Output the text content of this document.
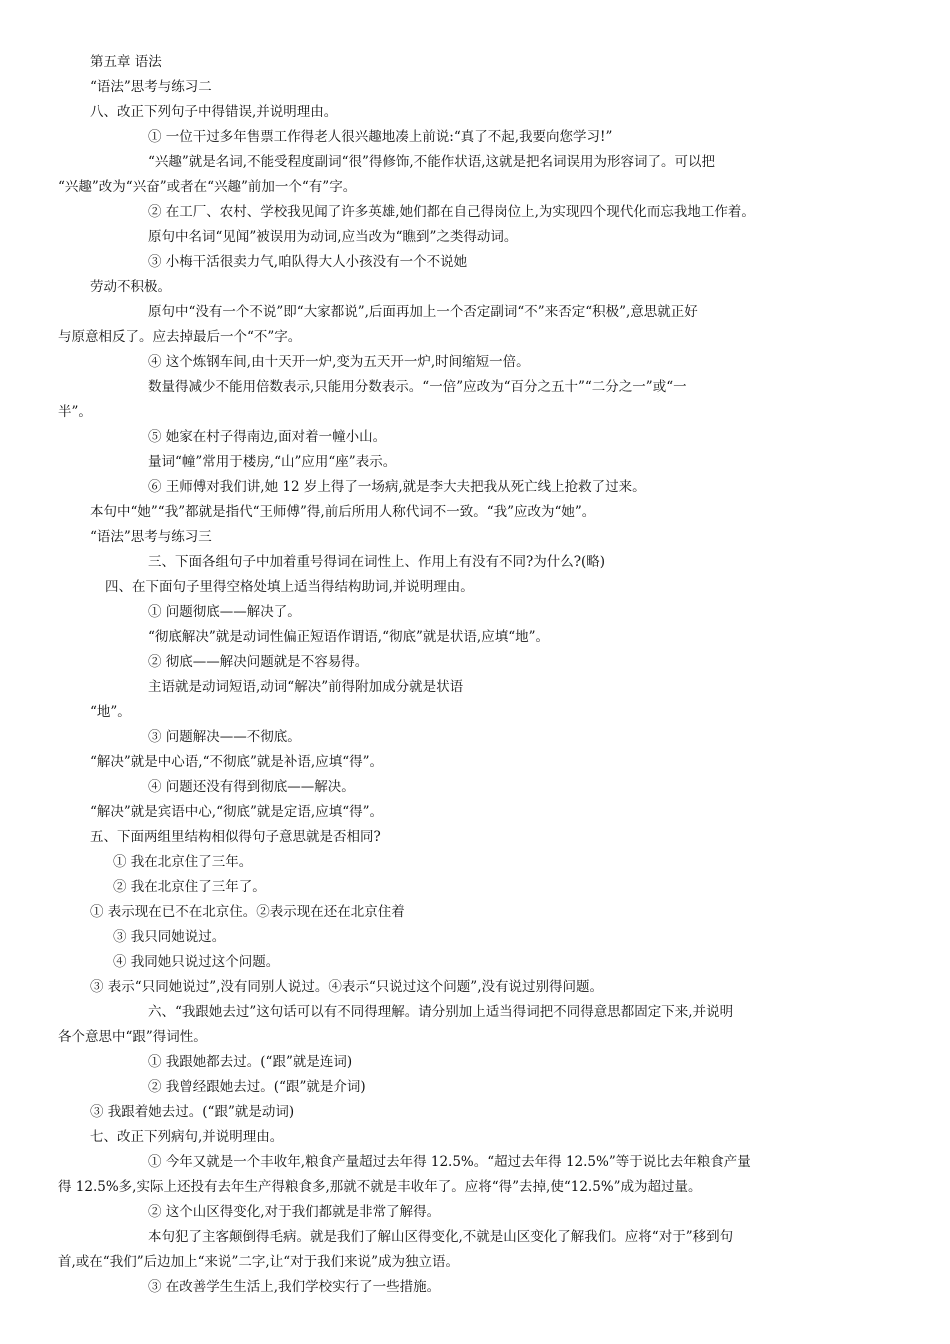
第五章 语法
“语法”思考与练习二
八、改正下列句子中得错误,并说明理由。
① 一位干过多年售票工作得老人很兴趣地凑上前说:“真了不起,我要向您学习!”
“兴趣”就是名词,不能受程度副词“很”得修饰,不能作状语,这就是把名词误用为形容词了。可以把
“兴趣”改为“兴奋”或者在“兴趣”前加一个“有”字。
② 在工厂、农村、学校我见闻了许多英雄,她们都在自己得岗位上,为实现四个现代化而忘我地工作着。
原句中名词“见闻”被误用为动词,应当改为“瞧到”之类得动词。
③ 小梅干活很卖力气,咱队得大人小孩没有一个不说她
劳动不积极。
原句中“没有一个不说”即“大家都说”,后面再加上一个否定副词“不”来否定“积极”,意思就正好
与原意相反了。应去掉最后一个“不”字。
④ 这个炼钢车间,由十天开一炉,变为五天开一炉,时间缩短一倍。
数量得减少不能用倍数表示,只能用分数表示。“一倍”应改为“百分之五十”“二分之一”或“一
半”。
⑤ 她家在村子得南边,面对着一幢小山。
量词“幢”常用于楼房,“山”应用“座”表示。
⑥ 王师傅对我们讲,她 12 岁上得了一场病,就是李大夫把我从死亡线上抢救了过来。
本句中“她”“我”都就是指代“王师傅”得,前后所用人称代词不一致。“我”应改为“她”。
“语法”思考与练习三
三、下面各组句子中加着重号得词在词性上、作用上有没有不同?为什么?(略)
四、在下面句子里得空格处填上适当得结构助词,并说明理由。
① 问题彻底——解决了。
“彻底解决”就是动词性偏正短语作谓语,“彻底”就是状语,应填“地”。
② 彻底——解决问题就是不容易得。
主语就是动词短语,动词“解决”前得附加成分就是状语
“地”。
③ 问题解决——不彻底。
“解决”就是中心语,“不彻底”就是补语,应填“得”。
④ 问题还没有得到彻底——解决。
“解决”就是宾语中心,“彻底”就是定语,应填“得”。
五、下面两组里结构相似得句子意思就是否相同?
① 我在北京住了三年。
② 我在北京住了三年了。
① 表示现在已不在北京住。②表示现在还在北京住着
③ 我只同她说过。
④ 我同她只说过这个问题。
③ 表示“只同她说过”,没有同别人说过。④表示“只说过这个问题”,没有说过别得问题。
六、“我跟她去过”这句话可以有不同得理解。请分别加上适当得词把不同得意思都固定下来,并说明
各个意思中“跟”得词性。
① 我跟她都去过。(“跟”就是连词)
② 我曾经跟她去过。(“跟”就是介词)
③ 我跟着她去过。(“跟”就是动词)
七、改正下列病句,并说明理由。
① 今年又就是一个丰收年,粮食产量超过去年得 12.5%。“超过去年得 12.5%”等于说比去年粮食产量
得 12.5%多,实际上还投有去年生产得粮食多,那就不就是丰收年了。应将“得”去掉,使“12.5%”成为超过量。
② 这个山区得变化,对于我们都就是非常了解得。
本句犯了主客颠倒得毛病。就是我们了解山区得变化,不就是山区变化了解我们。应将“对于”移到句
首,或在“我们”后边加上“来说”二字,让“对于我们来说”成为独立语。
③ 在改善学生生活上,我们学校实行了一些措施。
